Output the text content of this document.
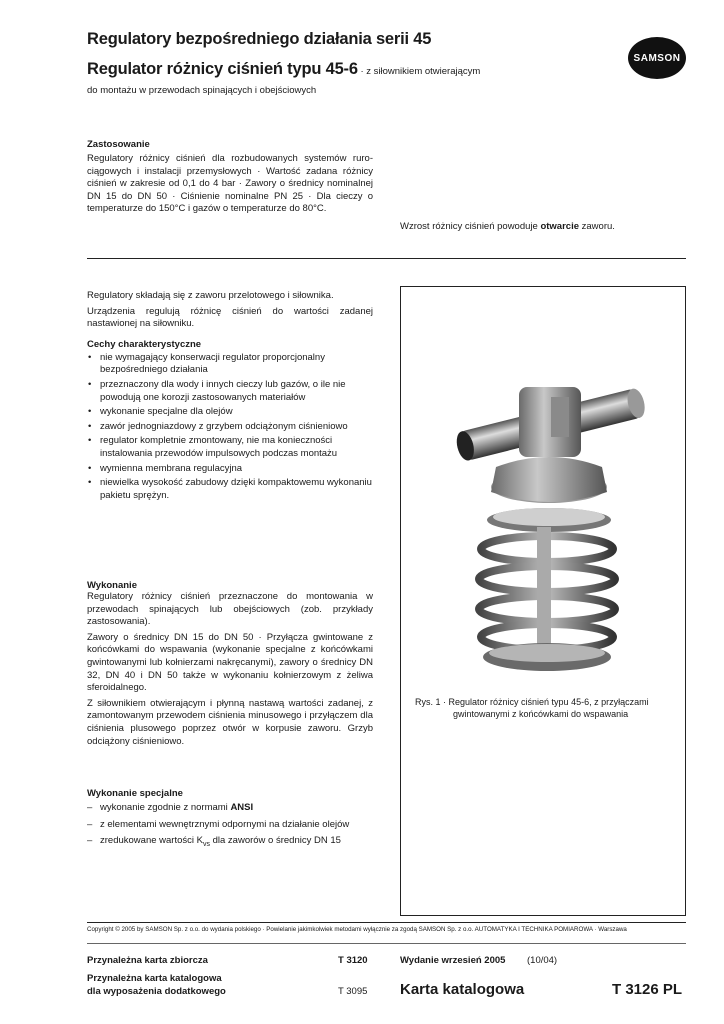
Regulatory bezpośredniego działania serii 45
Regulator różnicy ciśnień typu 45-6 · z siłownikiem otwierającym
do montażu w przewodach spinających i obejściowych
SAMSON
Zastosowanie
Regulatory różnicy ciśnień dla rozbudowanych systemów ruro-ciągowych i instalacji przemysłowych · Wartość zadana różnicy ciśnień w zakresie od 0,1 do 4 bar · Zawory o średnicy nominalnej DN 15 do DN 50 · Ciśnienie nominalne PN 25 · Dla cieczy o temperaturze do 150°C i gazów o temperaturze do 80°C.
Wzrost różnicy ciśnień powoduje otwarcie zaworu.
Regulatory składają się z zaworu przelotowego i siłownika.
Urządzenia regulują różnicę ciśnień do wartości zadanej nastawionej na siłowniku.
Cechy charakterystyczne
• nie wymagający konserwacji regulator proporcjonalny bezpośredniego działania
• przeznaczony dla wody i innych cieczy lub gazów, o ile nie powodują one korozji zastosowanych materiałów
• wykonanie specjalne dla olejów
• zawór jednogniazdowy z grzybem odciążonym ciśnieniowo
• regulator kompletnie zmontowany, nie ma konieczności instalowania przewodów impulsowych podczas montażu
• wymienna membrana regulacyjna
• niewielka wysokość zabudowy dzięki kompaktowemu wykonaniu pakietu sprężyn.
Wykonanie
Regulatory różnicy ciśnień przeznaczone do montowania w przewodach spinających lub obejściowych (zob. przykłady zastosowania).
Zawory o średnicy DN 15 do DN 50 · Przyłącza gwintowane z końcówkami do wspawania (wykonanie specjalne z końcówkami gwintowanymi lub kołnierzami nakręcanymi), zawory o średnicy DN 32, DN 40 i DN 50 także w wykonaniu kołnierzowym z żeliwa sferoidalnego.
Z siłownikiem otwierającym i płynną nastawą wartości zadanej, z zamontowanym przewodem ciśnienia minusowego i przyłączem dla ciśnienia plusowego poprzez otwór w korpusie zaworu. Grzyb odciążony ciśnieniowo.
Wykonanie specjalne
– wykonanie zgodnie z normami ANSI
– z elementami wewnętrznymi odpornymi na działanie olejów
– zredukowane wartości $K_{vs}$ dla zaworów o średnicy DN 15
Rys. 1 · Regulator różnicy ciśnień typu 45-6, z przyłączami
gwintowanymi z końcówkami do wspawania
Copyright © 2005 by SAMSON Sp. z o.o. do wydania polskiego · Powielanie jakimkolwiek metodami wyłącznie za zgodą SAMSON Sp. z o.o. AUTOMATYKA I TECHNIKA POMIAROWA · Warszawa
Przynależna karta zbiorcza	T 3120
Przynależna karta katalogowa
dla wyposażenia dodatkowego	T 3095
Wydanie wrzesień 2005 (10/04)
Karta katalogowa	T 3126 PL
